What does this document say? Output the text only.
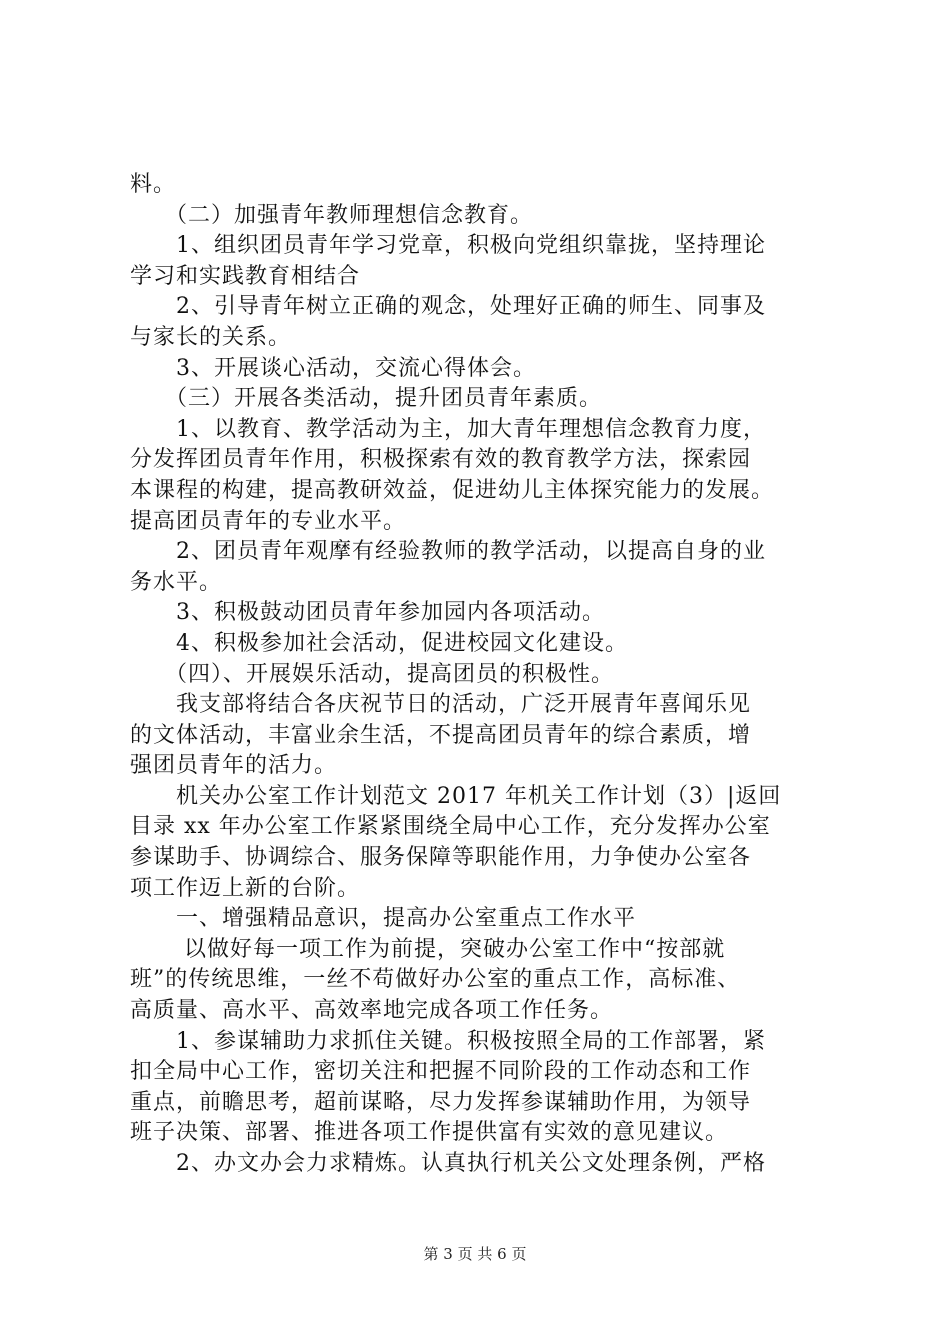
料。
　　（二）加强青年教师理想信念教育。
　　1、组织团员青年学习党章，积极向党组织靠拢，坚持理论
学习和实践教育相结合
　　2、引导青年树立正确的观念，处理好正确的师生、同事及
与家长的关系。
　　3、开展谈心活动，交流心得体会。
　　（三）开展各类活动，提升团员青年素质。
　　1、以教育、教学活动为主，加大青年理想信念教育力度，
分发挥团员青年作用，积极探索有效的教育教学方法，探索园
本课程的构建，提高教研效益，促进幼儿主体探究能力的发展。
提高团员青年的专业水平。
　　2、团员青年观摩有经验教师的教学活动，以提高自身的业
务水平。
　　3、积极鼓动团员青年参加园内各项活动。
　　4、积极参加社会活动，促进校园文化建设。
　　（四）、开展娱乐活动，提高团员的积极性。
　　我支部将结合各庆祝节日的活动，广泛开展青年喜闻乐见
的文体活动，丰富业余生活，不提高团员青年的综合素质，增
强团员青年的活力。
　　机关办公室工作计划范文 2017 年机关工作计划（3）|返回
目录 xx 年办公室工作紧紧围绕全局中心工作，充分发挥办公室
参谋助手、协调综合、服务保障等职能作用，力争使办公室各
项工作迈上新的台阶。
　　一、增强精品意识，提高办公室重点工作水平
　　 以做好每一项工作为前提，突破办公室工作中“按部就
班”的传统思维，一丝不苟做好办公室的重点工作，高标准、
高质量、高水平、高效率地完成各项工作任务。
　　1、参谋辅助力求抓住关键。积极按照全局的工作部署，紧
扣全局中心工作，密切关注和把握不同阶段的工作动态和工作
重点，前瞻思考，超前谋略，尽力发挥参谋辅助作用，为领导
班子决策、部署、推进各项工作提供富有实效的意见建议。
　　2、办文办会力求精炼。认真执行机关公文处理条例，严格
第 3 页 共 6 页
